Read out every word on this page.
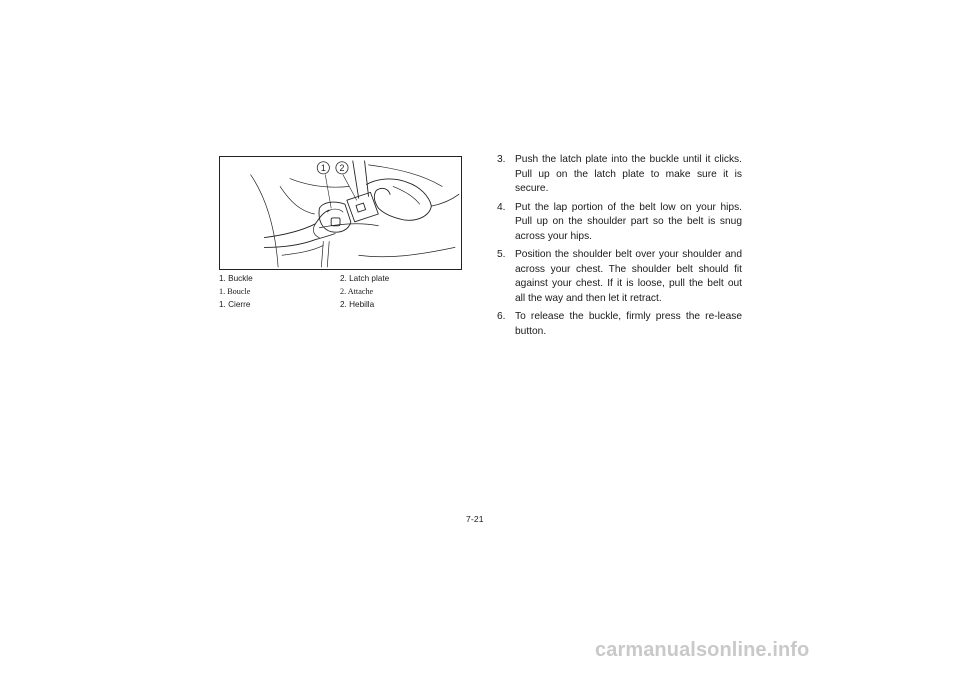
1 2
1. Buckle	2. Latch plate
1. Boucle	2. Attache
1. Cierre	2. Hebilla
3. Push the latch plate into the buckle until it clicks. Pull up on the latch plate to make sure it is secure.
4. Put the lap portion of the belt low on your hips. Pull up on the shoulder part so the belt is snug across your hips.
5. Position the shoulder belt over your shoulder and across your chest. The shoulder belt should fit against your chest. If it is loose, pull the belt out all the way and then let it retract.
6. To release the buckle, firmly press the re-lease button.
7-21
carmanualsonline.info
